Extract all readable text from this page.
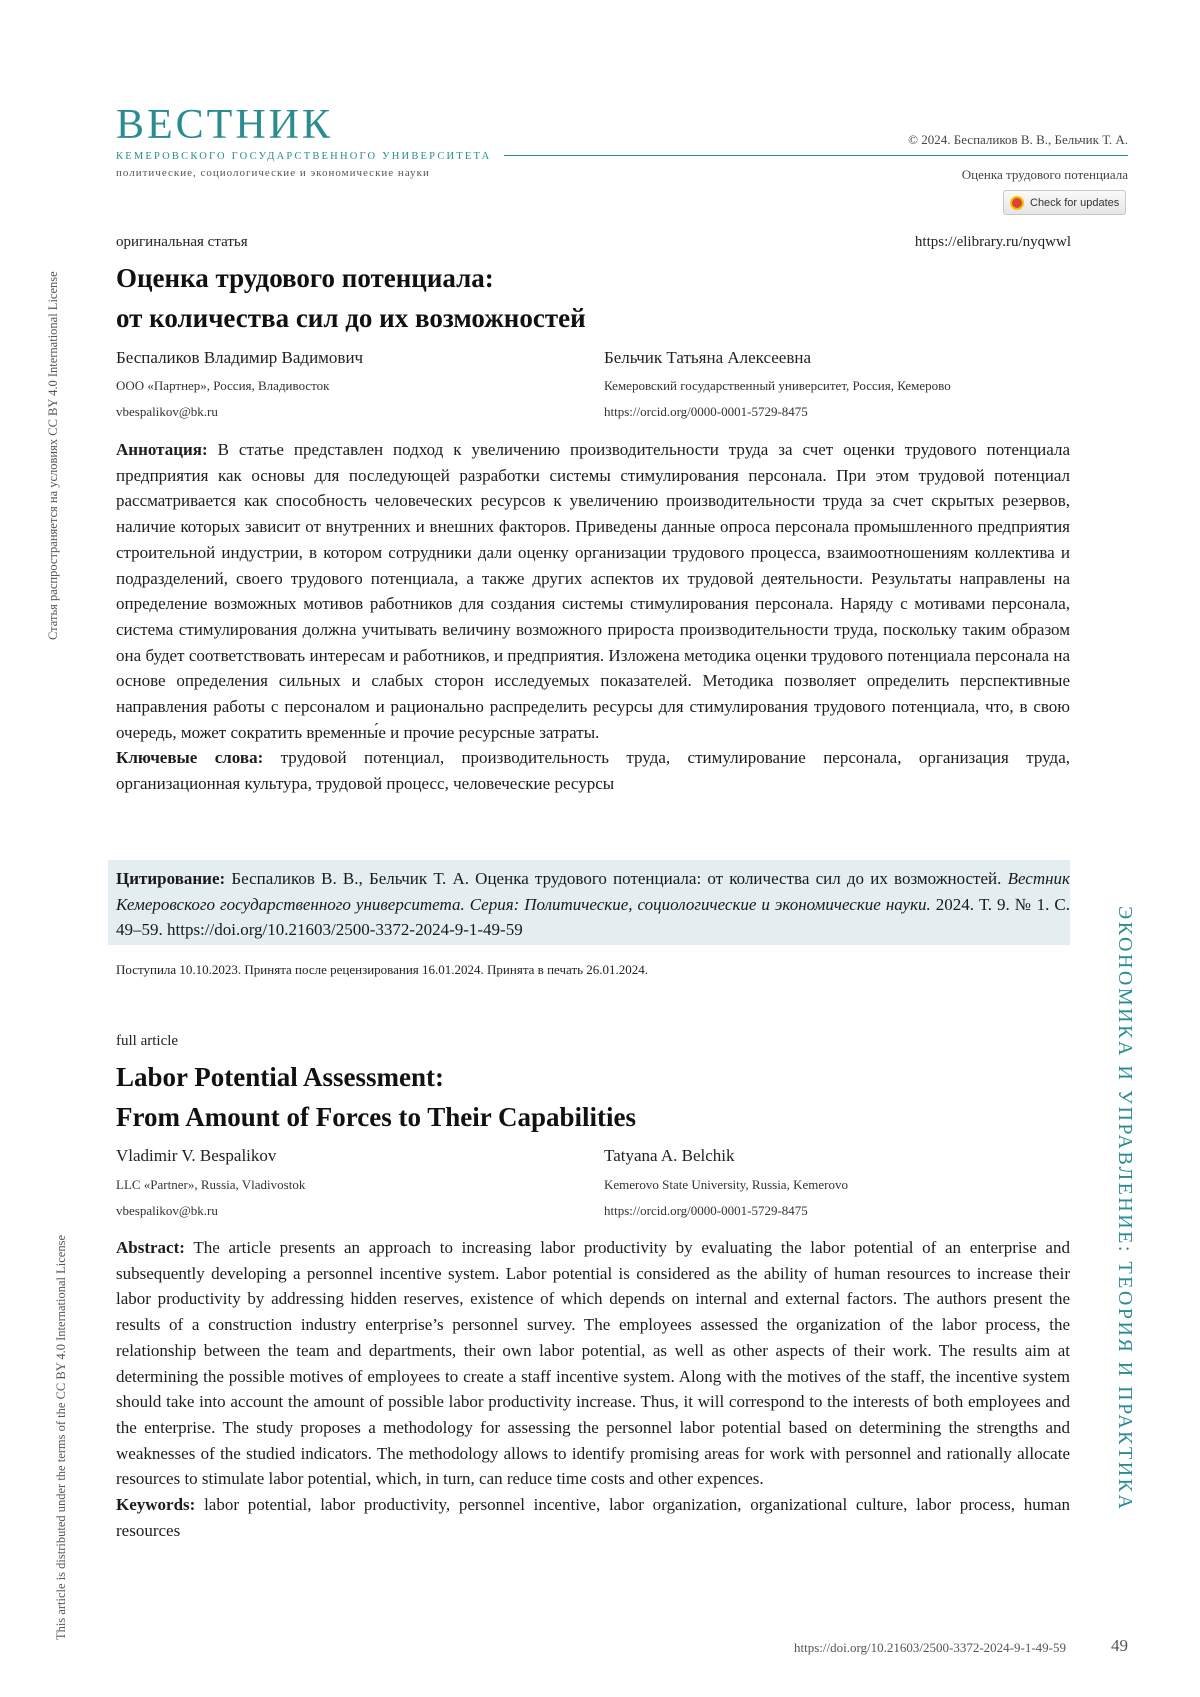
ВЕСТНИК
КЕМЕРОВСКОГО ГОСУДАРСТВЕННОГО УНИВЕРСИТЕТА
политические, социологические и экономические науки
© 2024. Беспаликов В. В., Бельчик Т. А.
Оценка трудового потенциала
Check for updates
Статья распространяется на условиях CC BY 4.0 International License
This article is distributed under the terms of the CC BY 4.0 International License	ЭКОНОМИКА И УПРАВЛЕНИЕ: ТЕОРИЯ И ПРАКТИКА
оригинальная статья	https://elibrary.ru/nyqwwl
Оценка трудового потенциала:
от количества сил до их возможностей
Беспаликов Владимир Вадимович
ООО «Партнер», Россия, Владивосток
vbespalikov@bk.ru
Бельчик Татьяна Алексеевна
Кемеровский государственный университет, Россия, Кемерово
https://orcid.org/0000-0001-5729-8475
Аннотация: В статье представлен подход к увеличению производительности труда за счет оценки трудового потенциала предприятия как основы для последующей разработки системы стимулирования персонала. При этом трудовой потенциал рассматривается как способность человеческих ресурсов к увеличению производительности труда за счет скрытых резервов, наличие которых зависит от внутренних и внешних факторов. Приведены данные опроса персонала промышленного предприятия строительной индустрии, в котором сотрудники дали оценку организации трудового процесса, взаимоотношениям коллектива и подразделений, своего трудового потенциала, а также других аспектов их трудовой деятельности. Результаты направлены на определение возможных мотивов работников для создания системы стимулирования персонала. Наряду с мотивами персонала, система стимулирования должна учитывать величину возможного прироста производительности труда, поскольку таким образом она будет соответствовать интересам и работников, и предприятия. Изложена методика оценки трудового потенциала персонала на основе определения сильных и слабых сторон исследуемых показателей. Методика позволяет определить перспективные направления работы с персоналом и рационально распределить ресурсы для стимулирования трудового потенциала, что, в свою очередь, может сократить временны́е и прочие ресурсные затраты.
Ключевые слова: трудовой потенциал, производительность труда, стимулирование персонала, организация труда, организационная культура, трудовой процесс, человеческие ресурсы
Цитирование: Беспаликов В. В., Бельчик Т. А. Оценка трудового потенциала: от количества сил до их возможностей. Вестник Кемеровского государственного университета. Серия: Политические, социологические и экономические науки. 2024. Т. 9. № 1. С. 49–59. https://doi.org/10.21603/2500-3372-2024-9-1-49-59
Поступила 10.10.2023. Принята после рецензирования 16.01.2024. Принята в печать 26.01.2024.
full article
Labor Potential Assessment:
From Amount of Forces to Their Capabilities
Vladimir V. Bespalikov
LLC «Partner», Russia, Vladivostok
vbespalikov@bk.ru
Tatyana A. Belchik
Kemerovo State University, Russia, Kemerovo
https://orcid.org/0000-0001-5729-8475
Abstract: The article presents an approach to increasing labor productivity by evaluating the labor potential of an enterprise and subsequently developing a personnel incentive system. Labor potential is considered as the ability of human resources to increase their labor productivity by addressing hidden reserves, existence of which depends on internal and external factors. The authors present the results of a construction industry enterprise’s personnel survey. The employees assessed the organization of the labor process, the relationship between the team and departments, their own labor potential, as well as other aspects of their work. The results aim at determining the possible motives of employees to create a staff incentive system. Along with the motives of the staff, the incentive system should take into account the amount of possible labor productivity increase. Thus, it will correspond to the interests of both employees and the enterprise. The study proposes a methodology for assessing the personnel labor potential based on determining the strengths and weaknesses of the studied indicators. The methodology allows to identify promising areas for work with personnel and rationally allocate resources to stimulate labor potential, which, in turn, can reduce time costs and other expences.
Keywords: labor potential, labor productivity, personnel incentive, labor organization, organizational culture, labor process, human resources
https://doi.org/10.21603/2500-3372-2024-9-1-49-59	49
